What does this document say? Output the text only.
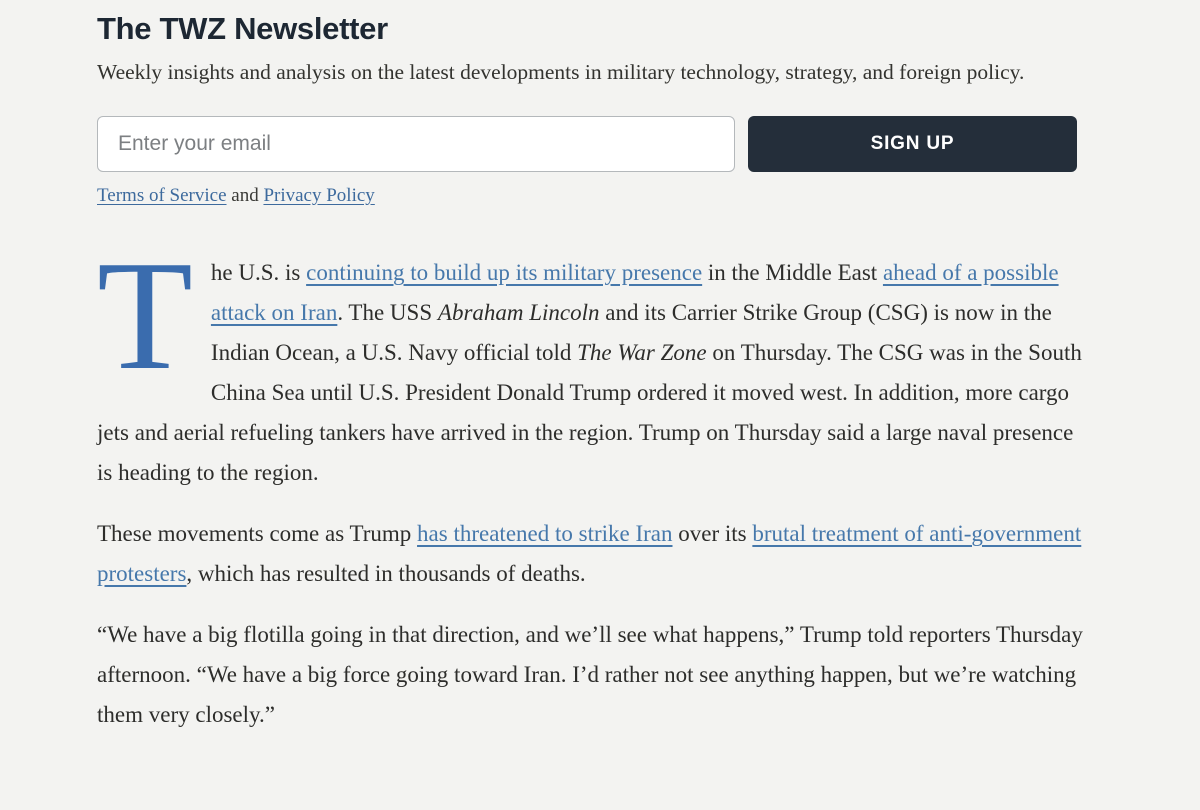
The TWZ Newsletter

Weekly insights and analysis on the latest developments in military technology, strategy, and foreign policy.

Enter your email
SIGN UP
Terms of Service and Privacy Policy

The U.S. is continuing to build up its military presence in the Middle East ahead of a possible attack on Iran. The USS Abraham Lincoln and its Carrier Strike Group (CSG) is now in the Indian Ocean, a U.S. Navy official told The War Zone on Thursday. The CSG was in the South China Sea until U.S. President Donald Trump ordered it moved west. In addition, more cargo jets and aerial refueling tankers have arrived in the region. Trump on Thursday said a large naval presence is heading to the region.

These movements come as Trump has threatened to strike Iran over its brutal treatment of anti-government protesters, which has resulted in thousands of deaths.

“We have a big flotilla going in that direction, and we’ll see what happens,” Trump told reporters Thursday afternoon. “We have a big force going toward Iran. I’d rather not see anything happen, but we’re watching them very closely.”
